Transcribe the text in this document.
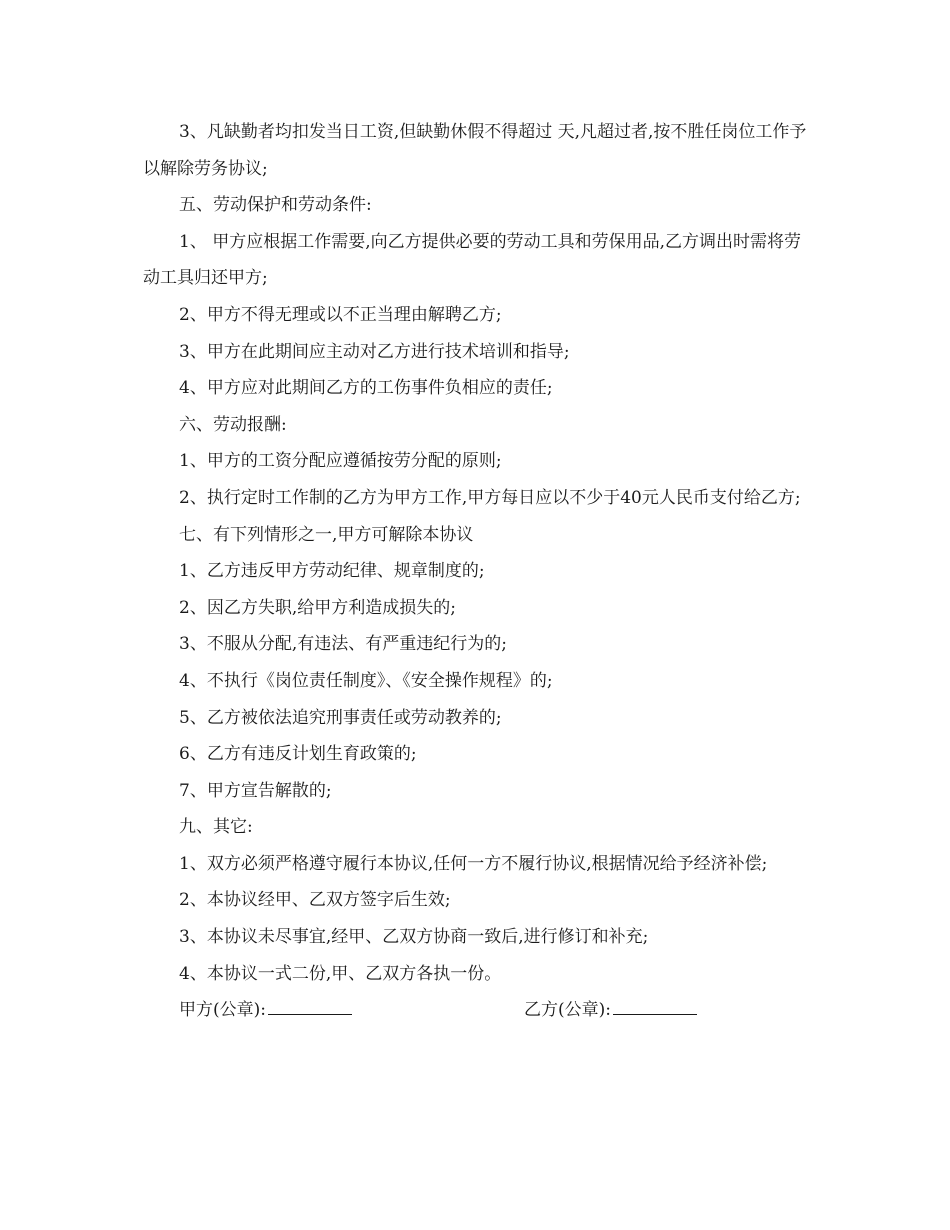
3、凡缺勤者均扣发当日工资,但缺勤休假不得超过 天,凡超过者,按不胜任岗位工作予以解除劳务协议;

五、劳动保护和劳动条件:

1、 甲方应根据工作需要,向乙方提供必要的劳动工具和劳保用品,乙方调出时需将劳动工具归还甲方;

2、甲方不得无理或以不正当理由解聘乙方;

3、甲方在此期间应主动对乙方进行技术培训和指导;

4、甲方应对此期间乙方的工伤事件负相应的责任;

六、劳动报酬:

1、甲方的工资分配应遵循按劳分配的原则;

2、执行定时工作制的乙方为甲方工作,甲方每日应以不少于40元人民币支付给乙方;

七、有下列情形之一,甲方可解除本协议

1、乙方违反甲方劳动纪律、规章制度的;

2、因乙方失职,给甲方利造成损失的;

3、不服从分配,有违法、有严重违纪行为的;

4、不执行《岗位责任制度》、《安全操作规程》的;

5、乙方被依法追究刑事责任或劳动教养的;

6、乙方有违反计划生育政策的;

7、甲方宣告解散的;

九、其它:

1、双方必须严格遵守履行本协议,任何一方不履行协议,根据情况给予经济补偿;

2、本协议经甲、乙双方签字后生效;

3、本协议未尽事宜,经甲、乙双方协商一致后,进行修订和补充;

4、本协议一式二份,甲、乙双方各执一份。

甲方(公章):	乙方(公章):
